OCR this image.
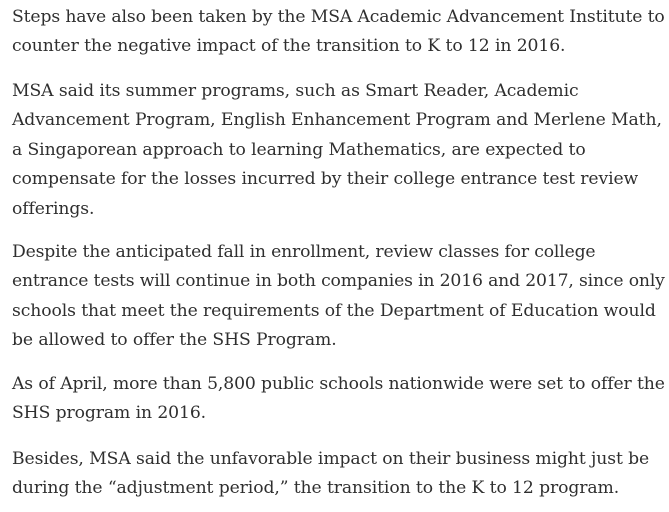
Steps have also been taken by the MSA Academic Advancement Institute to
counter the negative impact of the transition to K to 12 in 2016.

MSA said its summer programs, such as Smart Reader, Academic
Advancement Program, English Enhancement Program and Merlene Math,
a Singaporean approach to learning Mathematics, are expected to
compensate for the losses incurred by their college entrance test review
offerings.

Despite the anticipated fall in enrollment, review classes for college
entrance tests will continue in both companies in 2016 and 2017, since only
schools that meet the requirements of the Department of Education would
be allowed to offer the SHS Program.

As of April, more than 5,800 public schools nationwide were set to offer the
SHS program in 2016.

Besides, MSA said the unfavorable impact on their business might just be
during the “adjustment period,” the transition to the K to 12 program.
